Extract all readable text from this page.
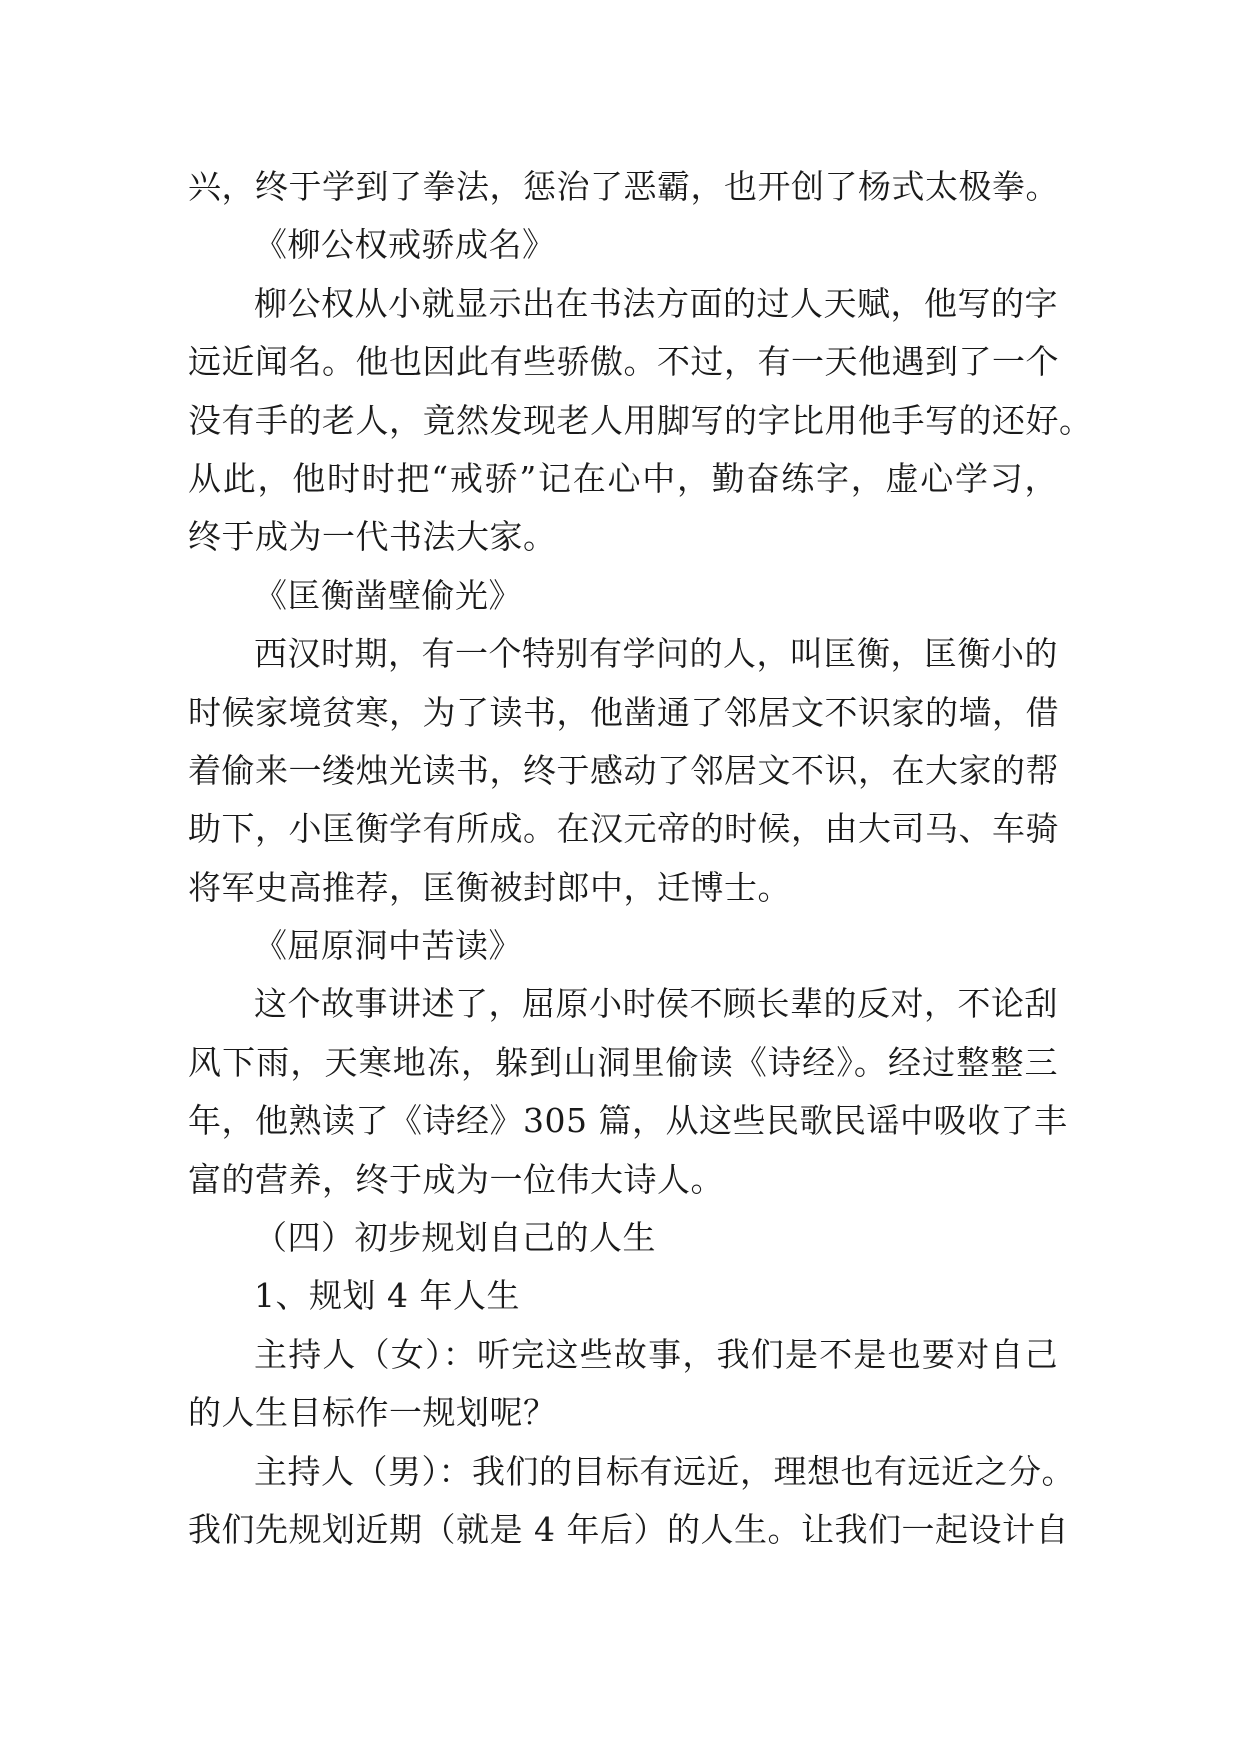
兴，终于学到了拳法，惩治了恶霸，也开创了杨式太极拳。
《柳公权戒骄成名》
柳公权从小就显示出在书法方面的过人天赋，他写的字
远近闻名。他也因此有些骄傲。不过，有一天他遇到了一个
没有手的老人，竟然发现老人用脚写的字比用他手写的还好。
从此，他时时把“戒骄”记在心中，勤奋练字，虚心学习，
终于成为一代书法大家。
《匡衡凿壁偷光》
西汉时期，有一个特别有学问的人，叫匡衡，匡衡小的
时候家境贫寒，为了读书，他凿通了邻居文不识家的墙，借
着偷来一缕烛光读书，终于感动了邻居文不识，在大家的帮
助下，小匡衡学有所成。在汉元帝的时候，由大司马、车骑
将军史高推荐，匡衡被封郎中，迁博士。
《屈原洞中苦读》
这个故事讲述了，屈原小时侯不顾长辈的反对，不论刮
风下雨，天寒地冻，躲到山洞里偷读《诗经》。经过整整三
年，他熟读了《诗经》305 篇，从这些民歌民谣中吸收了丰
富的营养，终于成为一位伟大诗人。
（四）初步规划自己的人生
1、规划 4 年人生
主持人（女）：听完这些故事，我们是不是也要对自己
的人生目标作一规划呢？
主持人（男）：我们的目标有远近，理想也有远近之分。
我们先规划近期（就是 4 年后）的人生。让我们一起设计自
